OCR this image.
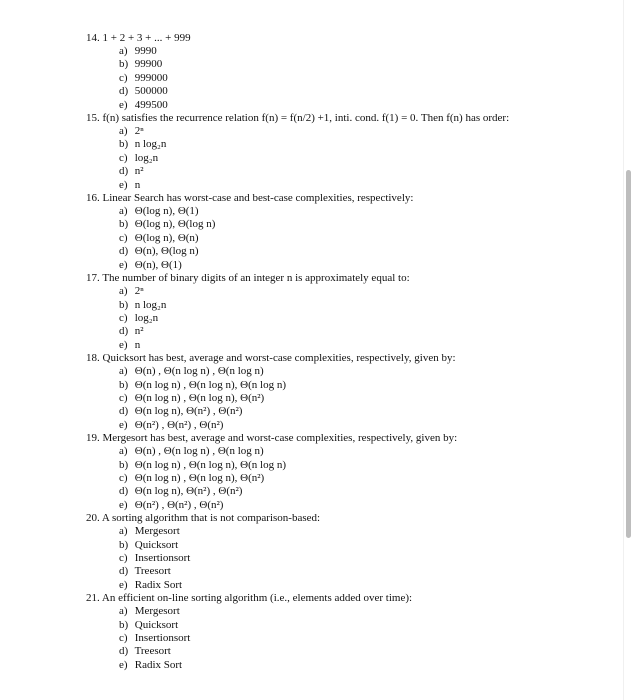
14. 1 + 2 + 3 + ... + 999
a) 9990
b) 99900
c) 999000
d) 500000
e) 499500
15. f(n) satisfies the recurrence relation f(n) = f(n/2) +1, inti. cond. f(1) = 0. Then f(n) has order:
a) 2ⁿ
b) n log₂n
c) log₂n
d) n²
e) n
16. Linear Search has worst-case and best-case complexities, respectively:
a) Θ(log n), Θ(1)
b) Θ(log n), Θ(log n)
c) Θ(log n), Θ(n)
d) Θ(n), Θ(log n)
e) Θ(n), Θ(1)
17. The number of binary digits of an integer n is approximately equal to:
a) 2ⁿ
b) n log₂n
c) log₂n
d) n²
e) n
18. Quicksort has best, average and worst-case complexities, respectively, given by:
a) Θ(n) , Θ(n log n) , Θ(n log n)
b) Θ(n log n) , Θ(n log n), Θ(n log n)
c) Θ(n log n) , Θ(n log n), Θ(n²)
d) Θ(n log n), Θ(n²) , Θ(n²)
e) Θ(n²) , Θ(n²) , Θ(n²)
19. Mergesort has best, average and worst-case complexities, respectively, given by:
a) Θ(n) , Θ(n log n) , Θ(n log n)
b) Θ(n log n) , Θ(n log n), Θ(n log n)
c) Θ(n log n) , Θ(n log n), Θ(n²)
d) Θ(n log n), Θ(n²) , Θ(n²)
e) Θ(n²) , Θ(n²) , Θ(n²)
20. A sorting algorithm that is not comparison-based:
a) Mergesort
b) Quicksort
c) Insertionsort
d) Treesort
e) Radix Sort
21. An efficient on-line sorting algorithm (i.e., elements added over time):
a) Mergesort
b) Quicksort
c) Insertionsort
d) Treesort
e) Radix Sort
